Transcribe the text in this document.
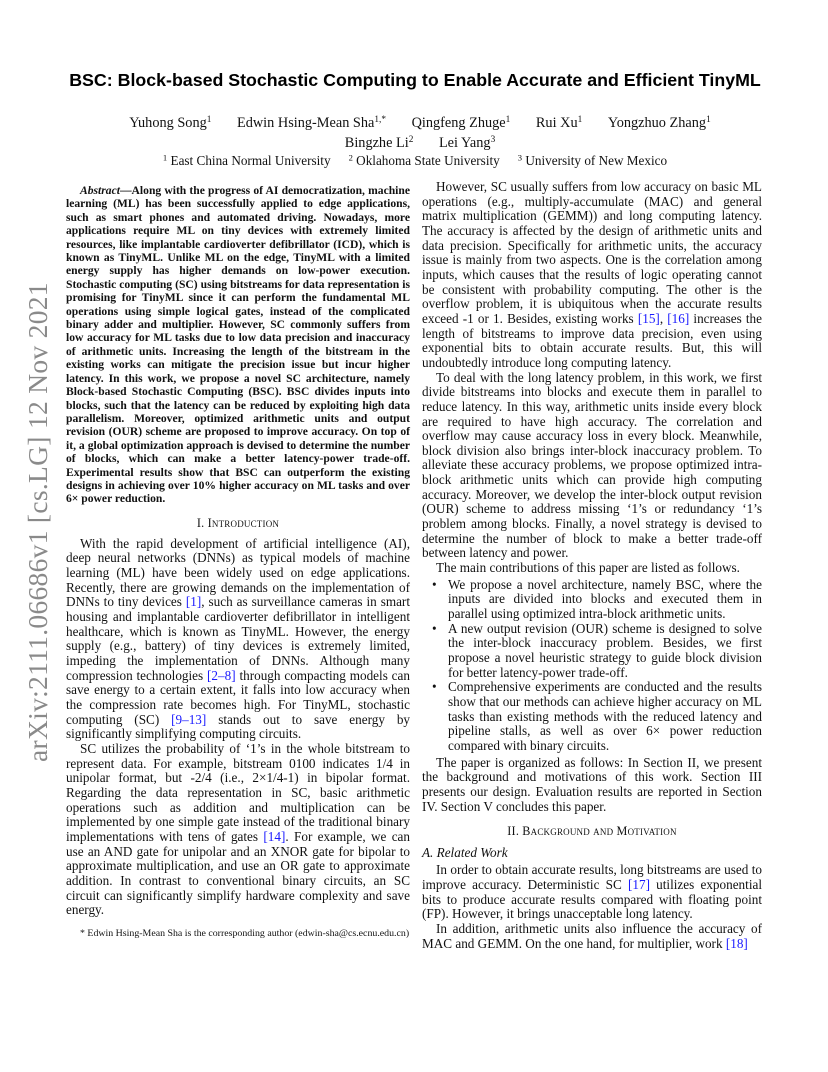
arXiv:2111.06686v1 [cs.LG] 12 Nov 2021
BSC: Block-based Stochastic Computing to Enable Accurate and Efficient TinyML
Yuhong Song$^1$ Edwin Hsing-Mean Sha$^{1,*}$ Qingfeng Zhuge$^1$ Rui Xu$^1$ Yongzhuo Zhang$^1$
Bingzhe Li$^2$ Lei Yang$^3$
$^1$ East China Normal University $^2$ Oklahoma State University $^3$ University of New Mexico
Abstract—Along with the progress of AI democratization, machine learning (ML) has been successfully applied to edge applications, such as smart phones and automated driving. Nowadays, more applications require ML on tiny devices with extremely limited resources, like implantable cardioverter defibrillator (ICD), which is known as TinyML. Unlike ML on the edge, TinyML with a limited energy supply has higher demands on low-power execution. Stochastic computing (SC) using bitstreams for data representation is promising for TinyML since it can perform the fundamental ML operations using simple logical gates, instead of the complicated binary adder and multiplier. However, SC commonly suffers from low accuracy for ML tasks due to low data precision and inaccuracy of arithmetic units. Increasing the length of the bitstream in the existing works can mitigate the precision issue but incur higher latency. In this work, we propose a novel SC architecture, namely Block-based Stochastic Computing (BSC). BSC divides inputs into blocks, such that the latency can be reduced by exploiting high data parallelism. Moreover, optimized arithmetic units and output revision (OUR) scheme are proposed to improve accuracy. On top of it, a global optimization approach is devised to determine the number of blocks, which can make a better latency-power trade-off. Experimental results show that BSC can outperform the existing designs in achieving over 10% higher accuracy on ML tasks and over 6× power reduction.
I. Introduction

With the rapid development of artificial intelligence (AI), deep neural networks (DNNs) as typical models of machine learning (ML) have been widely used on edge applications. Recently, there are growing demands on the implementation of DNNs to tiny devices [1], such as surveillance cameras in smart housing and implantable cardioverter defibrillator in intelligent healthcare, which is known as TinyML. However, the energy supply (e.g., battery) of tiny devices is extremely limited, impeding the implementation of DNNs. Although many compression technologies [2–8] through compacting models can save energy to a certain extent, it falls into low accuracy when the compression rate becomes high. For TinyML, stochastic computing (SC) [9–13] stands out to save energy by significantly simplifying computing circuits.

SC utilizes the probability of ‘1’s in the whole bitstream to represent data. For example, bitstream 0100 indicates 1/4 in unipolar format, but -2/4 (i.e., 2×1/4-1) in bipolar format. Regarding the data representation in SC, basic arithmetic operations such as addition and multiplication can be implemented by one simple gate instead of the traditional binary implementations with tens of gates [14]. For example, we can use an AND gate for unipolar and an XNOR gate for bipolar to approximate multiplication, and use an OR gate to approximate addition. In contrast to conventional binary circuits, an SC circuit can significantly simplify hardware complexity and save energy.

* Edwin Hsing-Mean Sha is the corresponding author (edwin-sha@cs.ecnu.edu.cn)

However, SC usually suffers from low accuracy on basic ML operations (e.g., multiply-accumulate (MAC) and general matrix multiplication (GEMM)) and long computing latency. The accuracy is affected by the design of arithmetic units and data precision. Specifically for arithmetic units, the accuracy issue is mainly from two aspects. One is the correlation among inputs, which causes that the results of logic operating cannot be consistent with probability computing. The other is the overflow problem, it is ubiquitous when the accurate results exceed -1 or 1. Besides, existing works [15], [16] increases the length of bitstreams to improve data precision, even using exponential bits to obtain accurate results. But, this will undoubtedly introduce long computing latency.

To deal with the long latency problem, in this work, we first divide bitstreams into blocks and execute them in parallel to reduce latency. In this way, arithmetic units inside every block are required to have high accuracy. The correlation and overflow may cause accuracy loss in every block. Meanwhile, block division also brings inter-block inaccuracy problem. To alleviate these accuracy problems, we propose optimized intra-block arithmetic units which can provide high computing accuracy. Moreover, we develop the inter-block output revision (OUR) scheme to address missing ‘1’s or redundancy ‘1’s problem among blocks. Finally, a novel strategy is devised to determine the number of block to make a better trade-off between latency and power.

The main contributions of this paper are listed as follows.

• We propose a novel architecture, namely BSC, where the inputs are divided into blocks and executed them in parallel using optimized intra-block arithmetic units.
• A new output revision (OUR) scheme is designed to solve the inter-block inaccuracy problem. Besides, we first propose a novel heuristic strategy to guide block division for better latency-power trade-off.
• Comprehensive experiments are conducted and the results show that our methods can achieve higher accuracy on ML tasks than existing methods with the reduced latency and pipeline stalls, as well as over 6× power reduction compared with binary circuits.

The paper is organized as follows: In Section II, we present the background and motivations of this work. Section III presents our design. Evaluation results are reported in Section IV. Section V concludes this paper.

II. Background and Motivation
A. Related Work

In order to obtain accurate results, long bitstreams are used to improve accuracy. Deterministic SC [17] utilizes exponential bits to produce accurate results compared with floating point (FP). However, it brings unacceptable long latency.

In addition, arithmetic units also influence the accuracy of MAC and GEMM. On the one hand, for multiplier, work [18]
